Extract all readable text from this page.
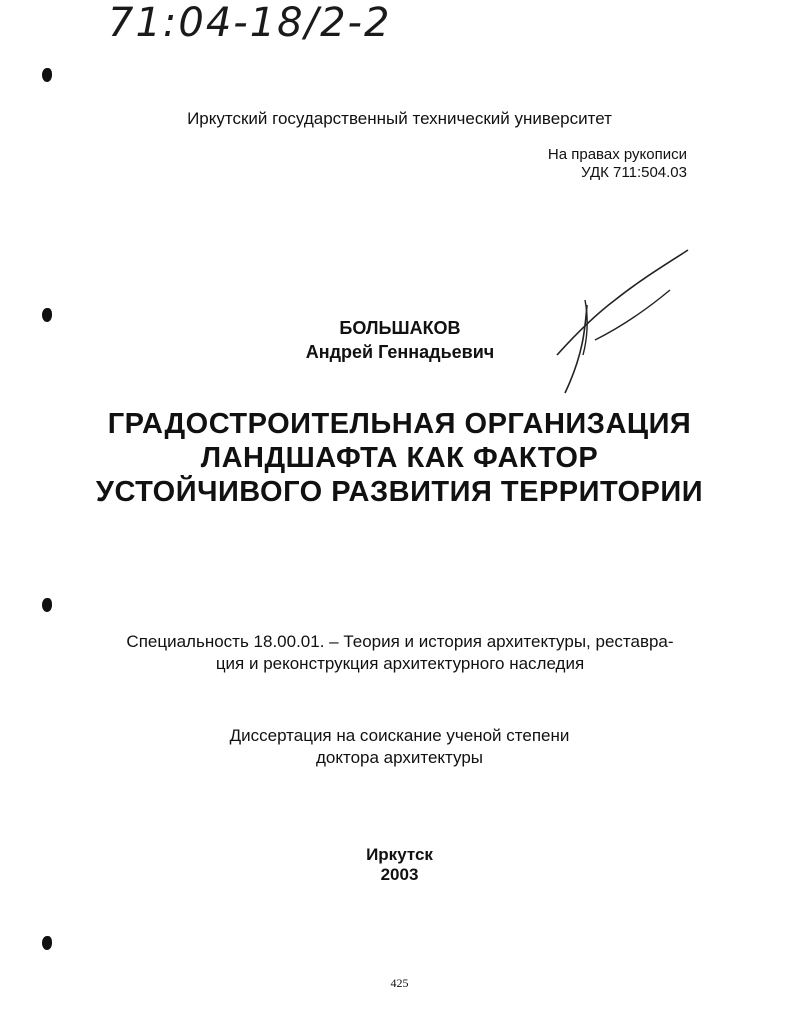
71:04-18/2-2
Иркутский государственный технический университет
На правах рукописи
УДК 711:504.03
БОЛЬШАКОВ
Андрей Геннадьевич
ГРАДОСТРОИТЕЛЬНАЯ ОРГАНИЗАЦИЯ
ЛАНДШАФТА КАК ФАКТОР
УСТОЙЧИВОГО РАЗВИТИЯ ТЕРРИТОРИИ
Специальность 18.00.01. – Теория и история архитектуры, реставра-
ция и реконструкция архитектурного наследия
Диссертация на соискание ученой степени
доктора архитектуры
Иркутск
2003
425
